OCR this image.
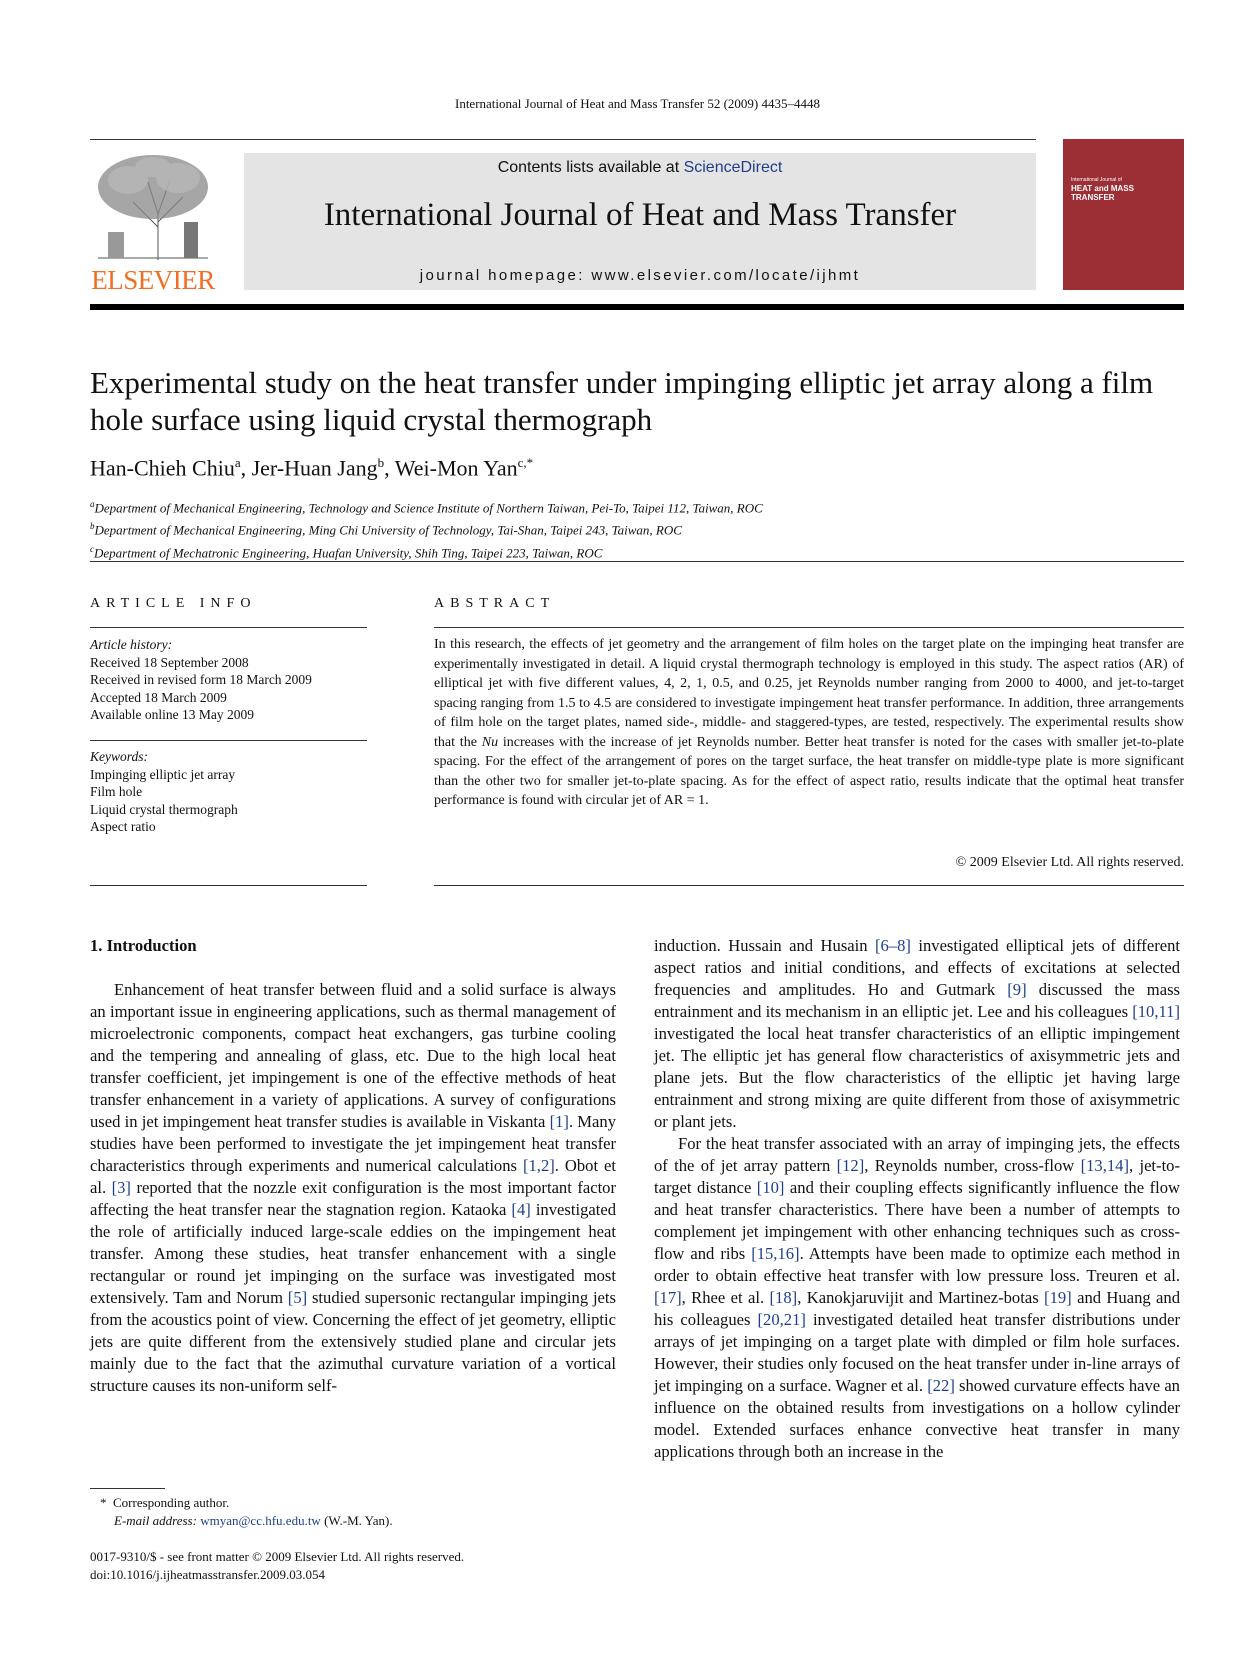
International Journal of Heat and Mass Transfer 52 (2009) 4435–4448
ELSEVIER
Contents lists available at ScienceDirect
International Journal of Heat and Mass Transfer
journal homepage: www.elsevier.com/locate/ijhmt
International Journal of
HEAT and MASS
TRANSFER
Experimental study on the heat transfer under impinging elliptic jet array along a film hole surface using liquid crystal thermograph
Han-Chieh Chiu$^a$, Jer-Huan Jang$^b$, Wei-Mon Yan$^{c,*}$
$^a$Department of Mechanical Engineering, Technology and Science Institute of Northern Taiwan, Pei-To, Taipei 112, Taiwan, ROC
$^b$Department of Mechanical Engineering, Ming Chi University of Technology, Tai-Shan, Taipei 243, Taiwan, ROC
$^c$Department of Mechatronic Engineering, Huafan University, Shih Ting, Taipei 223, Taiwan, ROC
ARTICLE INFO
Article history:
Received 18 September 2008
Received in revised form 18 March 2009
Accepted 18 March 2009
Available online 13 May 2009
Keywords:
Impinging elliptic jet array
Film hole
Liquid crystal thermograph
Aspect ratio
ABSTRACT
In this research, the effects of jet geometry and the arrangement of film holes on the target plate on the impinging heat transfer are experimentally investigated in detail. A liquid crystal thermograph technology is employed in this study. The aspect ratios (AR) of elliptical jet with five different values, 4, 2, 1, 0.5, and 0.25, jet Reynolds number ranging from 2000 to 4000, and jet-to-target spacing ranging from 1.5 to 4.5 are considered to investigate impingement heat transfer performance. In addition, three arrangements of film hole on the target plates, named side-, middle- and staggered-types, are tested, respectively. The experimental results show that the Nu increases with the increase of jet Reynolds number. Better heat transfer is noted for the cases with smaller jet-to-plate spacing. For the effect of the arrangement of pores on the target surface, the heat transfer on middle-type plate is more significant than the other two for smaller jet-to-plate spacing. As for the effect of aspect ratio, results indicate that the optimal heat transfer performance is found with circular jet of AR = 1.
© 2009 Elsevier Ltd. All rights reserved.
1. Introduction

Enhancement of heat transfer between fluid and a solid surface is always an important issue in engineering applications, such as thermal management of microelectronic components, compact heat exchangers, gas turbine cooling and the tempering and annealing of glass, etc. Due to the high local heat transfer coefficient, jet impingement is one of the effective methods of heat transfer enhancement in a variety of applications. A survey of configurations used in jet impingement heat transfer studies is available in Viskanta [1]. Many studies have been performed to investigate the jet impingement heat transfer characteristics through experiments and numerical calculations [1,2]. Obot et al. [3] reported that the nozzle exit configuration is the most important factor affecting the heat transfer near the stagnation region. Kataoka [4] investigated the role of artificially induced large-scale eddies on the impingement heat transfer. Among these studies, heat transfer enhancement with a single rectangular or round jet impinging on the surface was investigated most extensively. Tam and Norum [5] studied supersonic rectangular impinging jets from the acoustics point of view. Concerning the effect of jet geometry, elliptic jets are quite different from the extensively studied plane and circular jets mainly due to the fact that the azimuthal curvature variation of a vortical structure causes its non-uniform self-

induction. Hussain and Husain [6–8] investigated elliptical jets of different aspect ratios and initial conditions, and effects of excitations at selected frequencies and amplitudes. Ho and Gutmark [9] discussed the mass entrainment and its mechanism in an elliptic jet. Lee and his colleagues [10,11] investigated the local heat transfer characteristics of an elliptic impingement jet. The elliptic jet has general flow characteristics of axisymmetric jets and plane jets. But the flow characteristics of the elliptic jet having large entrainment and strong mixing are quite different from those of axisymmetric or plant jets.

For the heat transfer associated with an array of impinging jets, the effects of the of jet array pattern [12], Reynolds number, cross-flow [13,14], jet-to-target distance [10] and their coupling effects significantly influence the flow and heat transfer characteristics. There have been a number of attempts to complement jet impingement with other enhancing techniques such as cross-flow and ribs [15,16]. Attempts have been made to optimize each method in order to obtain effective heat transfer with low pressure loss. Treuren et al. [17], Rhee et al. [18], Kanokjaruvijit and Martinez-botas [19] and Huang and his colleagues [20,21] investigated detailed heat transfer distributions under arrays of jet impinging on a target plate with dimpled or film hole surfaces. However, their studies only focused on the heat transfer under in-line arrays of jet impinging on a surface. Wagner et al. [22] showed curvature effects have an influence on the obtained results from investigations on a hollow cylinder model. Extended surfaces enhance convective heat transfer in many applications through both an increase in the

* Corresponding author.
E-mail address: wmyan@cc.hfu.edu.tw (W.-M. Yan).
0017-9310/$ - see front matter © 2009 Elsevier Ltd. All rights reserved.
doi:10.1016/j.ijheatmasstransfer.2009.03.054
